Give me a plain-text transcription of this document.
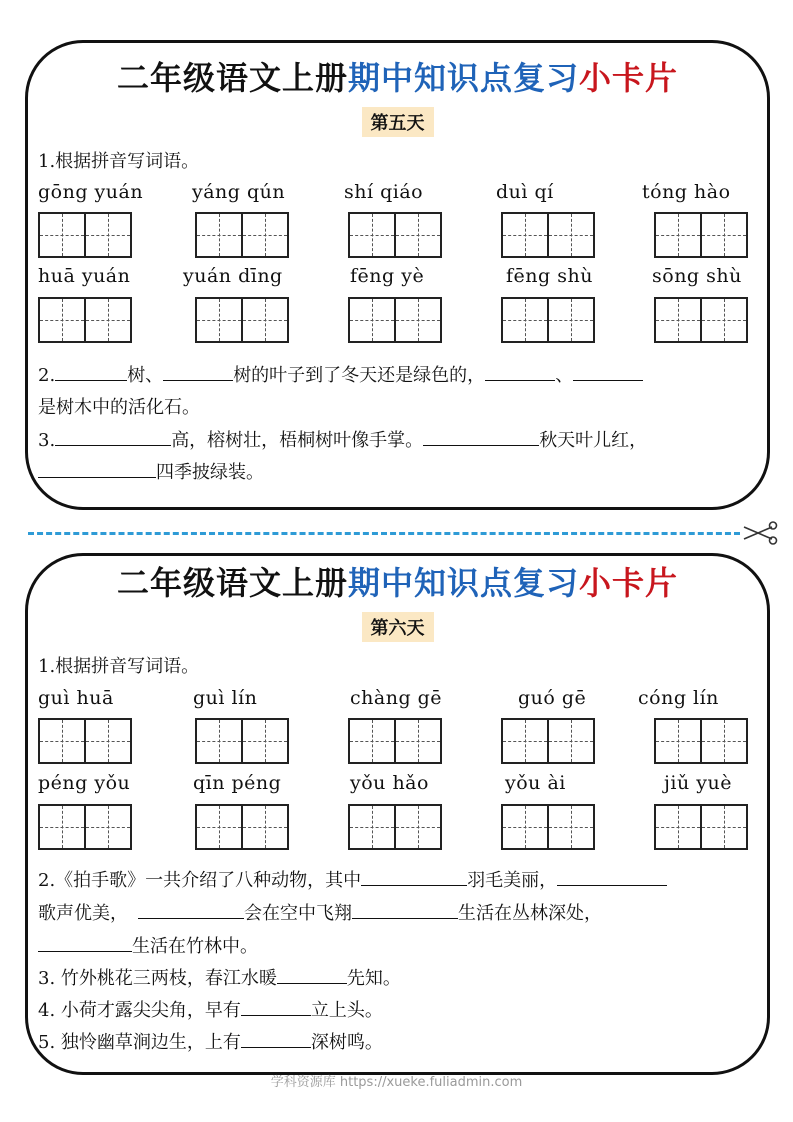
二年级语文上册期中知识点复习小卡片
第五天
1.根据拼音写词语。
gōng yuán	yáng qún	shí qiáo	duì qí	tóng hào
huā yuán	yuán dīng	fēng yè	fēng shù	sōng shù
2.	树、	树的叶子到了冬天还是绿色的，	、
是树木中的活化石。
3.	高，榕树壮，梧桐树叶像手掌。	秋天叶儿红，
四季披绿装。
二年级语文上册期中知识点复习小卡片
第六天
1.根据拼音写词语。
guì huā	guì lín	chàng gē	guó gē	cóng lín
péng yǒu	qīn péng	yǒu hǎo	yǒu ài	jiǔ yuè
2.《拍手歌》一共介绍了八种动物，其中	羽毛美丽，
歌声优美，	会在空中飞翔	生活在丛林深处，
生活在竹林中。
3. 竹外桃花三两枝，春江水暖	先知。
4. 小荷才露尖尖角，早有	立上头。
5. 独怜幽草涧边生，上有	深树鸣。
学科资源库 https://xueke.fuliadmin.com
